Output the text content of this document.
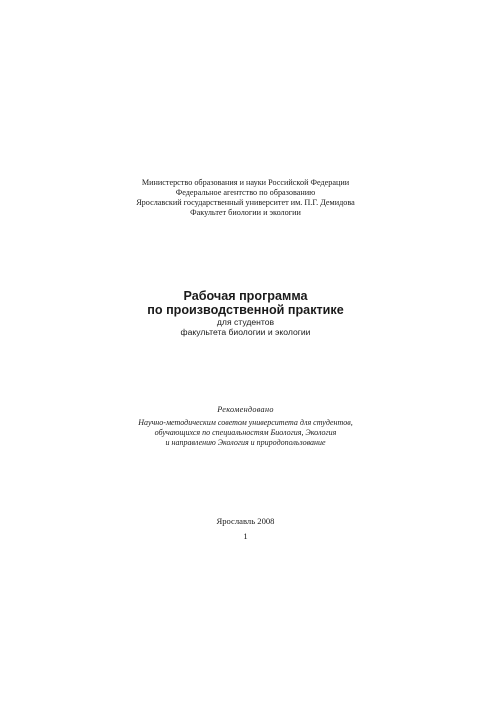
Министерство образования и науки Российской Федерации
Федеральное агентство по образованию
Ярославский государственный университет им. П.Г. Демидова
Факультет биологии и экологии
Рабочая программа
по производственной практике
для студентов
факультета биологии и экологии
Рекомендовано
Научно-методическим советом университета для студентов,
обучающихся по специальностям Биология, Экология
и направлению Экология и природопользование
Ярославль 2008
1
